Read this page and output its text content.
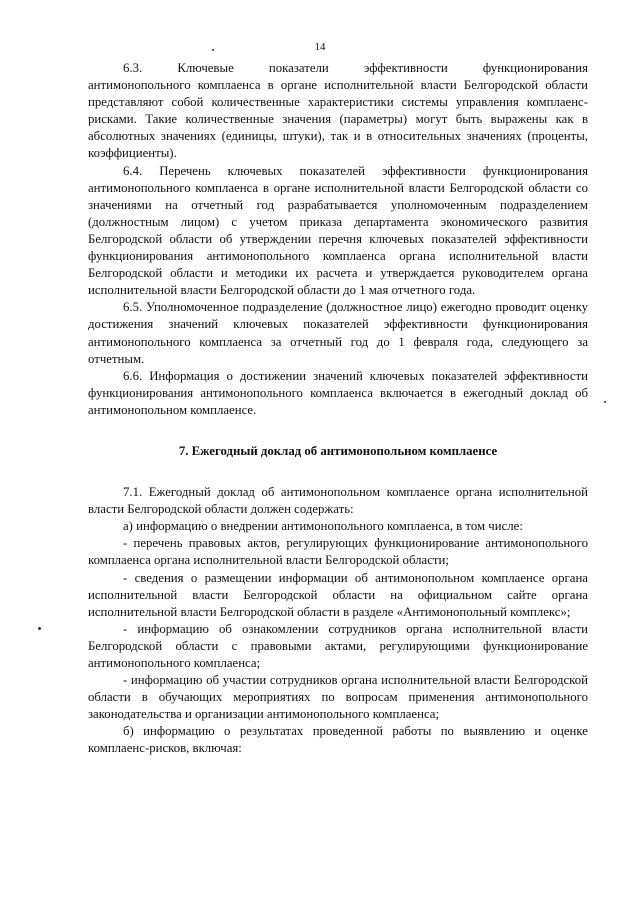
14

6.3.    Ключевые    показатели    эффективности    функционирования антимонопольного комплаенса в органе исполнительной власти Белгородской области представляют собой количественные характеристики системы управления комплаенс-рисками. Такие количественные значения (параметры) могут быть выражены как в абсолютных значениях (единицы, штуки), так и в относительных значениях (проценты, коэффициенты).

6.4. Перечень ключевых показателей эффективности функционирования антимонопольного комплаенса в органе исполнительной власти Белгородской области со значениями на отчетный год разрабатывается уполномоченным подразделением (должностным лицом) с учетом приказа департамента экономического развития Белгородской области об утверждении перечня ключевых показателей эффективности функционирования антимонопольного комплаенса органа исполнительной власти Белгородской области и методики их расчета и утверждается руководителем органа исполнительной власти Белгородской области до 1 мая отчетного года.

6.5. Уполномоченное подразделение (должностное лицо) ежегодно проводит оценку достижения значений ключевых показателей эффективности функционирования антимонопольного комплаенса за отчетный год до 1 февраля года, следующего за отчетным.

6.6. Информация о достижении значений ключевых показателей эффективности функционирования антимонопольного комплаенса включается в ежегодный доклад об антимонопольном комплаенсе.

7. Ежегодный доклад об антимонопольном комплаенсе

7.1. Ежегодный доклад об антимонопольном комплаенсе органа исполнительной власти Белгородской области должен содержать:

а) информацию о внедрении антимонопольного комплаенса, в том числе:

- перечень правовых актов, регулирующих функционирование антимонопольного комплаенса органа исполнительной власти Белгородской области;

- сведения о размещении информации об антимонопольном комплаенсе органа исполнительной власти Белгородской области на официальном сайте органа исполнительной власти Белгородской области в разделе «Антимонопольный комплекс»;

- информацию об ознакомлении сотрудников органа исполнительной власти Белгородской области с правовыми актами, регулирующими функционирование антимонопольного комплаенса;

- информацию об участии сотрудников органа исполнительной власти Белгородской области в обучающих мероприятиях по вопросам применения антимонопольного законодательства и организации антимонопольного комплаенса;

б) информацию о результатах проведенной работы по выявлению и оценке комплаенс-рисков, включая:
